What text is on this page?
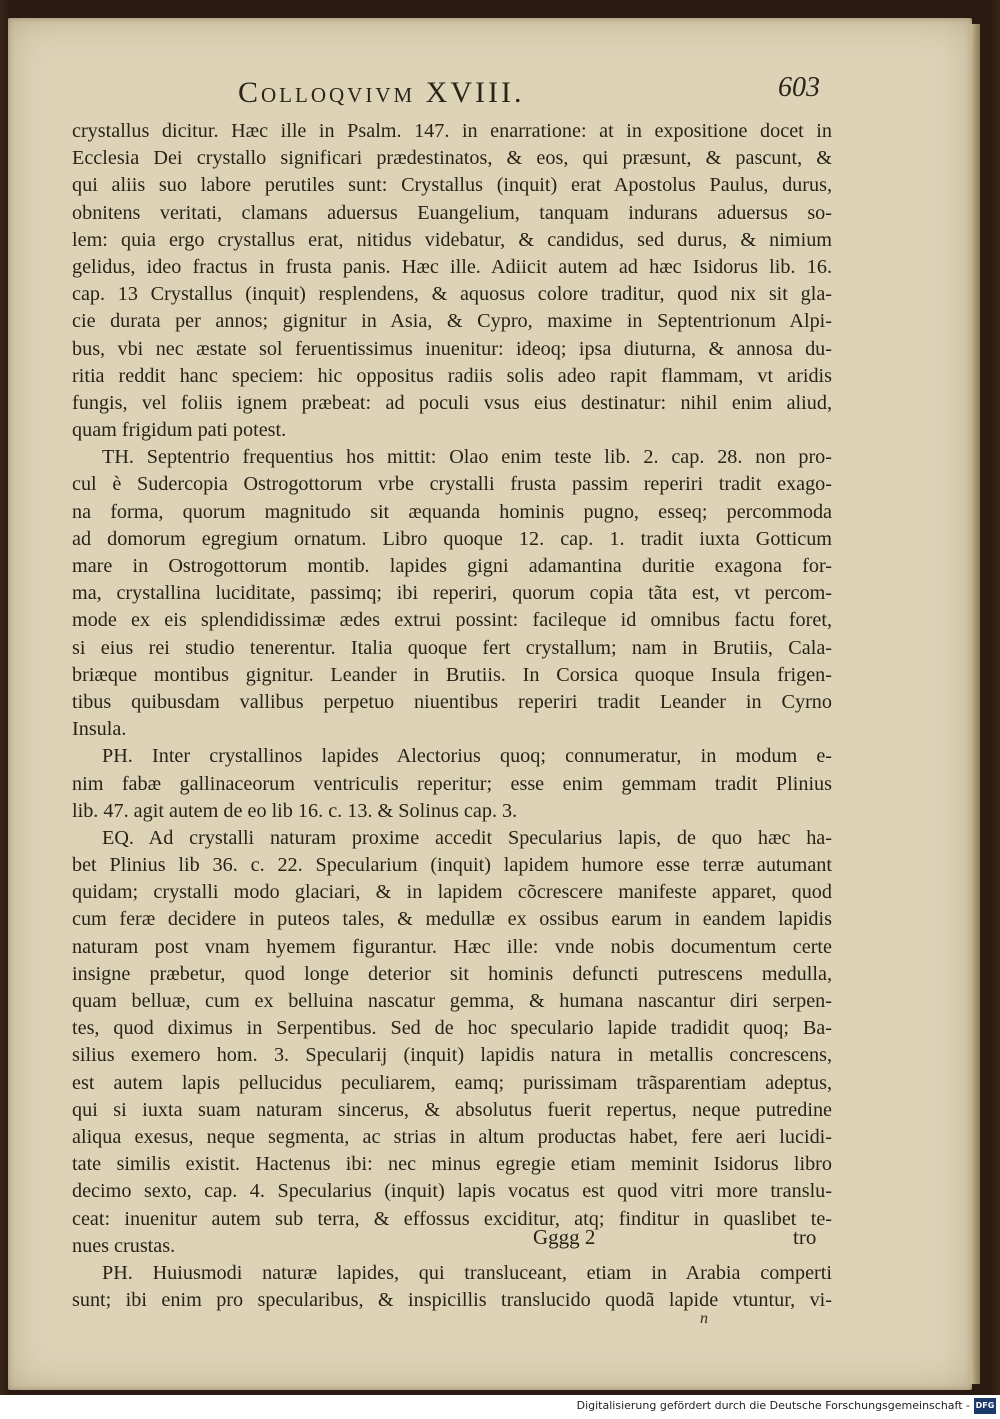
Colloqvivm XVIII.	603
crystallus dicitur. Hæc ille in Psalm. 147. in enarratione: at in expositione docet in
Ecclesia Dei crystallo significari prædestinatos, & eos, qui præsunt, & pascunt, &
qui aliis suo labore perutiles sunt: Crystallus (inquit) erat Apostolus Paulus, durus,
obnitens veritati, clamans aduersus Euangelium, tanquam indurans aduersus so-
lem: quia ergo crystallus erat, nitidus videbatur, & candidus, sed durus, & nimium
gelidus, ideo fractus in frusta panis. Hæc ille. Adiicit autem ad hæc Isidorus lib. 16.
cap. 13 Crystallus (inquit) resplendens, & aquosus colore traditur, quod nix sit gla-
cie durata per annos; gignitur in Asia, & Cypro, maxime in Septentrionum Alpi-
bus, vbi nec æstate sol feruentissimus inuenitur: ideoq; ipsa diuturna, & annosa du-
ritia reddit hanc speciem: hic oppositus radiis solis adeo rapit flammam, vt aridis
fungis, vel foliis ignem præbeat: ad poculi vsus eius destinatur: nihil enim aliud,
quam frigidum pati potest.
TH. Septentrio frequentius hos mittit: Olao enim teste lib. 2. cap. 28. non pro-
cul è Sudercopia Ostrogottorum vrbe crystalli frusta passim reperiri tradit exago-
na forma, quorum magnitudo sit æquanda hominis pugno, esseq; percommoda
ad domorum egregium ornatum. Libro quoque 12. cap. 1. tradit iuxta Gotticum
mare in Ostrogottorum montib. lapides gigni adamantina duritie exagona for-
ma, crystallina luciditate, passimq; ibi reperiri, quorum copia tãta est, vt percom-
mode ex eis splendidissimæ ædes extrui possint: facileque id omnibus factu foret,
si eius rei studio tenerentur. Italia quoque fert crystallum; nam in Brutiis, Cala-
briæque montibus gignitur. Leander in Brutiis. In Corsica quoque Insula frigen-
tibus quibusdam vallibus perpetuo niuentibus reperiri tradit Leander in Cyrno
Insula.
PH. Inter crystallinos lapides Alectorius quoq; connumeratur, in modum e-
nim fabæ gallinaceorum ventriculis reperitur; esse enim gemmam tradit Plinius
lib. 47. agit autem de eo lib 16. c. 13. & Solinus cap. 3.
EQ. Ad crystalli naturam proxime accedit Specularius lapis, de quo hæc ha-
bet Plinius lib 36. c. 22. Specularium (inquit) lapidem humore esse terræ autumant
quidam; crystalli modo glaciari, & in lapidem cõcrescere manifeste apparet, quod
cum feræ decidere in puteos tales, & medullæ ex ossibus earum in eandem lapidis
naturam post vnam hyemem figurantur. Hæc ille: vnde nobis documentum certe
insigne præbetur, quod longe deterior sit hominis defuncti putrescens medulla,
quam belluæ, cum ex belluina nascatur gemma, & humana nascantur diri serpen-
tes, quod diximus in Serpentibus. Sed de hoc speculario lapide tradidit quoq; Ba-
silius exemero hom. 3. Specularij (inquit) lapidis natura in metallis concrescens,
est autem lapis pellucidus peculiarem, eamq; purissimam trãsparentiam adeptus,
qui si iuxta suam naturam sincerus, & absolutus fuerit repertus, neque putredine
aliqua exesus, neque segmenta, ac strias in altum productas habet, fere aeri lucidi-
tate similis existit. Hactenus ibi: nec minus egregie etiam meminit Isidorus libro
decimo sexto, cap. 4. Specularius (inquit) lapis vocatus est quod vitri more translu-
ceat: inuenitur autem sub terra, & effossus exciditur, atq; finditur in quaslibet te-
nues crustas.
PH. Huiusmodi naturæ lapides, qui transluceant, etiam in Arabia comperti
sunt; ibi enim pro specularibus, & inspicillis translucido quodã lapide vtuntur, vi-
Gggg 2	tro
n
Digitalisierung gefördert durch die Deutsche Forschungsgemeinschaft - DFG
